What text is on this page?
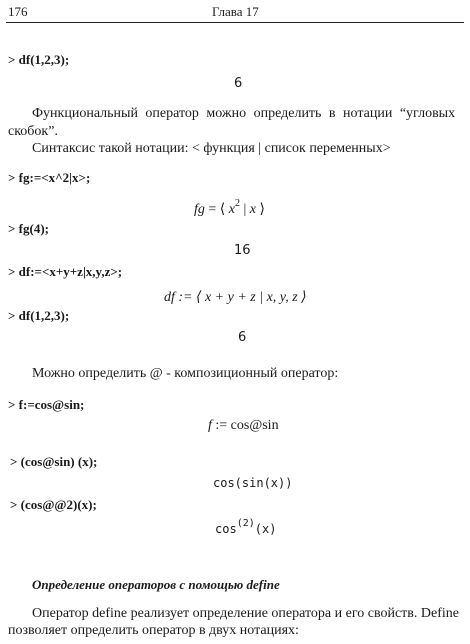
176	Глава 17
> df(1,2,3);
6
Функциональный оператор можно определить в нотации “угловых
скобок”.
Синтаксис такой нотации: < функция | список переменных>
> fg:=<x^2|x>;
fg = ⟨ $x^2$ | x ⟩
> fg(4);
16
> df:=<x+y+z|x,y,z>;
df := ⟨ x + y + z | x, y, z ⟩
> df(1,2,3);
6
Можно определить @ - композиционный оператор:
> f:=cos@sin;
f := cos@sin
> (cos@sin) (x);
cos(sin(x))
> (cos@@2)(x);
$\cos^{(2)}(x)$
Определение операторов с помощью define
Оператор define реализует определение оператора и его свойств. Define
позволяет определить оператор в двух нотациях:
